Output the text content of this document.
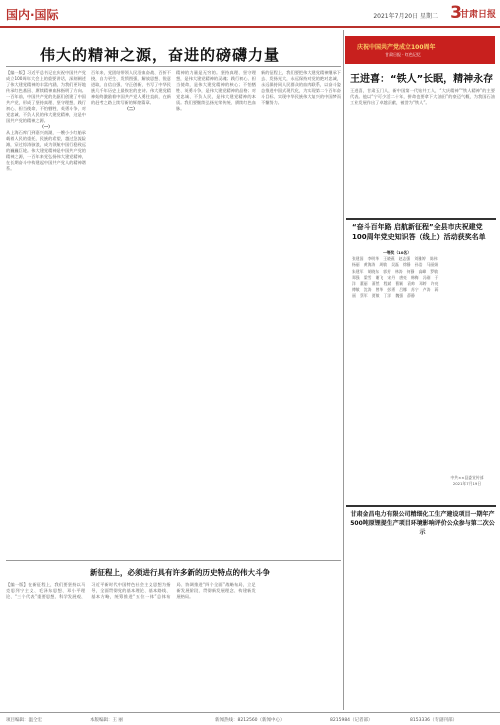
国内·国际	2021年7月20日 星期二 3
甘肃日报
伟大的精神之源，奋进的磅礴力量

【编一版】习近平总书记在庆祝中国共产党成立100周年大会上的重要讲话，深刻阐述了伟大建党精神的丰富内涵，为我们更好地传承红色基因、赓续精神血脉指明了方向。一百年前，中国共产党的先驱们创建了中国共产党，形成了坚持真理、坚守理想，践行初心、担当使命，不怕牺牲、英勇斗争，对党忠诚、不负人民的伟大建党精神，这是中国共产党的精神之源。

（一）

从上海石库门到嘉兴南湖，一艘小小红船承载着人民的重托、民族的希望，越过急流险滩，穿过惊涛骇浪，成为领航中国行稳致远的巍巍巨轮。伟大建党精神是中国共产党的精神之源，一百年来党弘扬伟大建党精神，在长期奋斗中构建起中国共产党人的精神谱系。

百年来，党团结带领人民浴血奋战、百折不挠，自力更生、发愤图强，解放思想、锐意进取，自信自强、守正创新，书写了中华民族几千年历史上最恢宏的史诗。伟大建党精神始终激励着中国共产党人勇往直前，在新的赶考之路上续写新的辉煌篇章。

（二）

精神的力量是无穷的。坚持真理、坚守理想，是伟大建党精神的灵魂；践行初心、担当使命，是伟大建党精神的核心；不怕牺牲、英勇斗争，是伟大建党精神的品格；对党忠诚、不负人民，是伟大建党精神的本质。我们要继续弘扬光荣传统、赓续红色血脉。

新的征程上，我们要把伟大建党精神继承下去、发扬光大，永远保持对党的绝对忠诚，永远保持同人民群众的血肉联系，以奋斗姿态推进中国式现代化，为实现第二个百年奋斗目标、实现中华民族伟大复兴的中国梦而不懈努力。

庆祝中国共产党成立100周年
甘肃日报 · 红色记忆
王进喜：“铁人”长眠，精神永存

王进喜，甘肃玉门人，新中国第一代钻井工人，“大庆精神”“铁人精神”的主要代表。他以“宁可少活二十年，拼命也要拿下大油田”的豪迈气概，为我国石油工业发展作出了卓越贡献，被誉为“铁人”。

“奋斗百年路 启航新征程”全县市庆祝建党100周年党史知识答（线上）活动获奖名单
一等奖（10名）
张建国 李明华 王晓燕 赵志强 刘雅婷 陈伟 杨丽 黄海涛 周敏 吴磊 徐静 孙浩 马丽娟 朱建军 胡晓东 郭芳 林涛 何静 高峰 罗敏 郑强 梁雪 谢飞 宋丹 唐亮 韩梅 冯刚 于洋 董丽 萧然 程斌 曹颖 袁帅 邓婷 许亮 傅敏 沈涛 曾华 彭勇 吕娜 苏宁 卢涛 蒋丽 蔡军 贾敏 丁洋 魏强 薛静
中共××县委宣传部 2021年7月19日
甘肃金昌电力有限公司精细化工生产建设项目一期年产500吨原锂提生产项目环境影响评价公众参与第二次公示
新征程上，必须进行具有许多新的历史特点的伟大斗争

【编一版】在新征程上，我们要坚持以马克思列宁主义、毛泽东思想、邓小平理论、“三个代表”重要思想、科学发展观、习近平新时代中国特色社会主义思想为指导，全面贯彻党的基本理论、基本路线、基本方略，统筹推进“五位一体”总体布局、协调推进“四个全面”战略布局，立足新发展阶段、贯彻新发展理念、构建新发展格局。

项目编辑：温仝宏	本版编辑：王 丽	新闻热线：8212560（新闻中心）	8215984（记者部）	8153336（专副刊部）
